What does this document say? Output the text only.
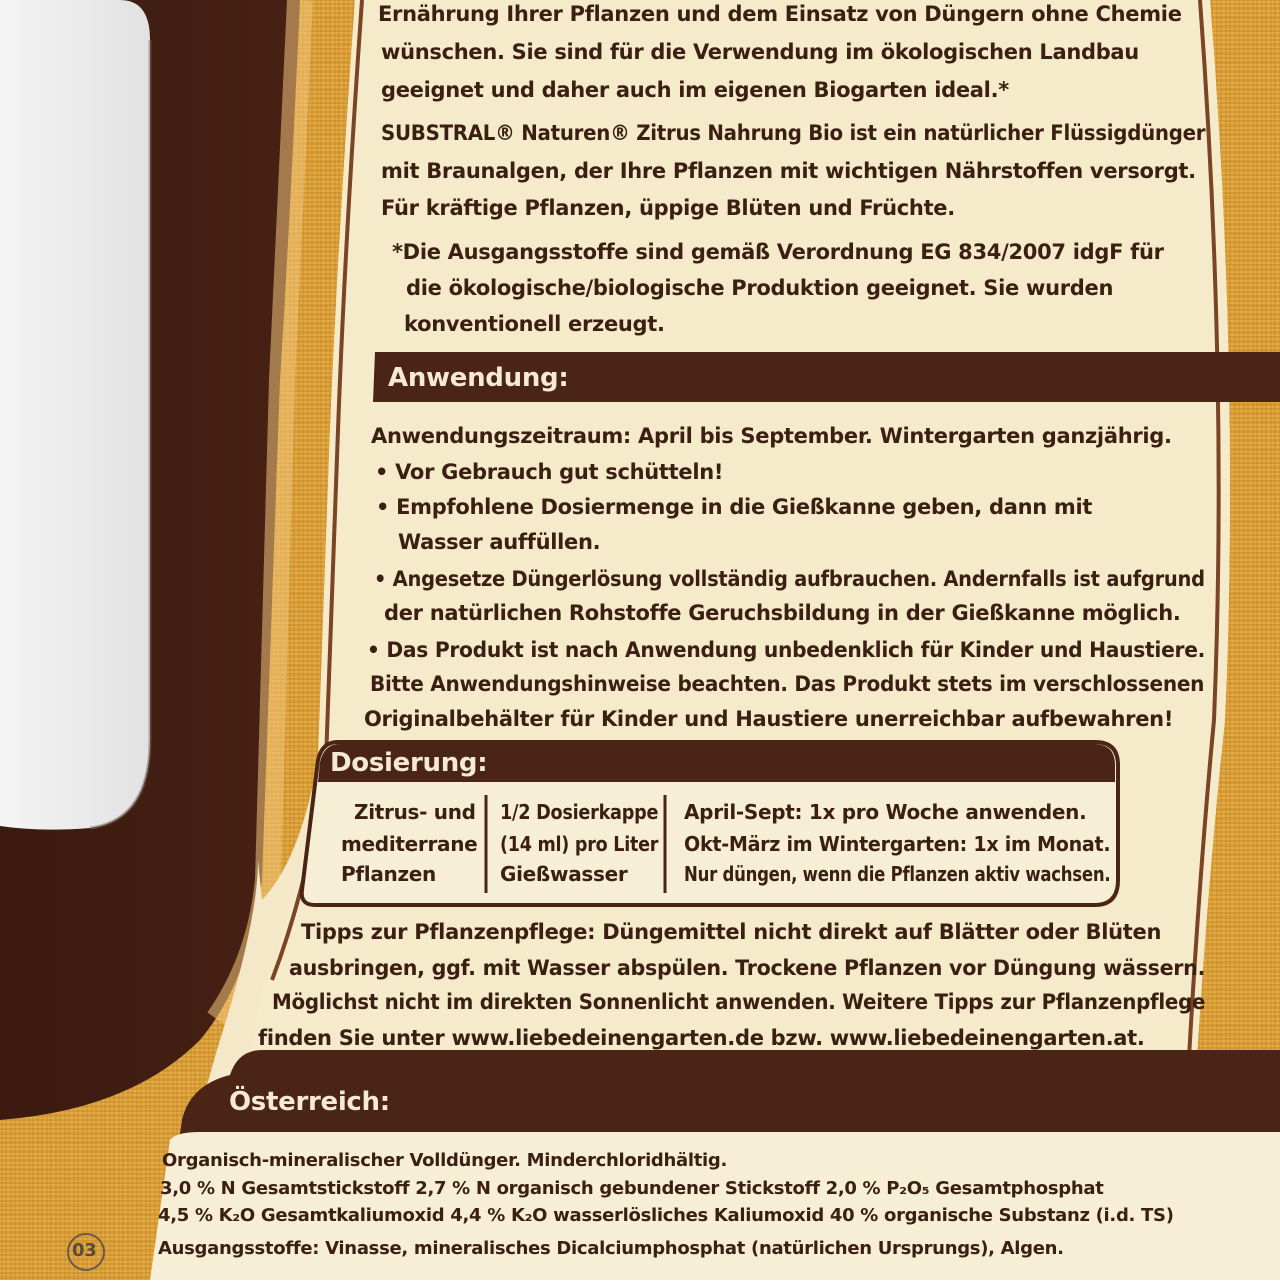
Ernährung Ihrer Pflanzen und dem Einsatz von Düngern ohne Chemie
wünschen. Sie sind für die Verwendung im ökologischen Landbau
geeignet und daher auch im eigenen Biogarten ideal.*
SUBSTRAL® Naturen® Zitrus Nahrung Bio ist ein natürlicher Flüssigdünger
mit Braunalgen, der Ihre Pflanzen mit wichtigen Nährstoffen versorgt.
Für kräftige Pflanzen, üppige Blüten und Früchte.
*Die Ausgangsstoffe sind gemäß Verordnung EG 834/2007 idgF für
die ökologische/biologische Produktion geeignet. Sie wurden
konventionell erzeugt.
Anwendung:
Anwendungszeitraum: April bis September. Wintergarten ganzjährig.
• Vor Gebrauch gut schütteln!
• Empfohlene Dosiermenge in die Gießkanne geben, dann mit
Wasser auffüllen.
• Angesetze Düngerlösung vollständig aufbrauchen. Andernfalls ist aufgrund
der natürlichen Rohstoffe Geruchsbildung in der Gießkanne möglich.
• Das Produkt ist nach Anwendung unbedenklich für Kinder und Haustiere.
Bitte Anwendungshinweise beachten. Das Produkt stets im verschlossenen
Originalbehälter für Kinder und Haustiere unerreichbar aufbewahren!
Dosierung:
Zitrus- und
mediterrane
Pflanzen
1/2 Dosierkappe
(14 ml) pro Liter
Gießwasser
April-Sept: 1x pro Woche anwenden.
Okt-März im Wintergarten: 1x im Monat.
Nur düngen, wenn die Pflanzen aktiv wachsen.
Tipps zur Pflanzenpflege: Düngemittel nicht direkt auf Blätter oder Blüten
ausbringen, ggf. mit Wasser abspülen. Trockene Pflanzen vor Düngung wässern.
Möglichst nicht im direkten Sonnenlicht anwenden. Weitere Tipps zur Pflanzenpflege
finden Sie unter www.liebedeinengarten.de bzw. www.liebedeinengarten.at.
Österreich:
Organisch-mineralischer Volldünger. Minderchloridhältig.
3,0 % N Gesamtstickstoff 2,7 % N organisch gebundener Stickstoff 2,0 % P₂O₅ Gesamtphosphat
4,5 % K₂O Gesamtkaliumoxid 4,4 % K₂O wasserlösliches Kaliumoxid 40 % organische Substanz (i.d. TS)
Ausgangsstoffe: Vinasse, mineralisches Dicalciumphosphat (natürlichen Ursprungs), Algen.
03
